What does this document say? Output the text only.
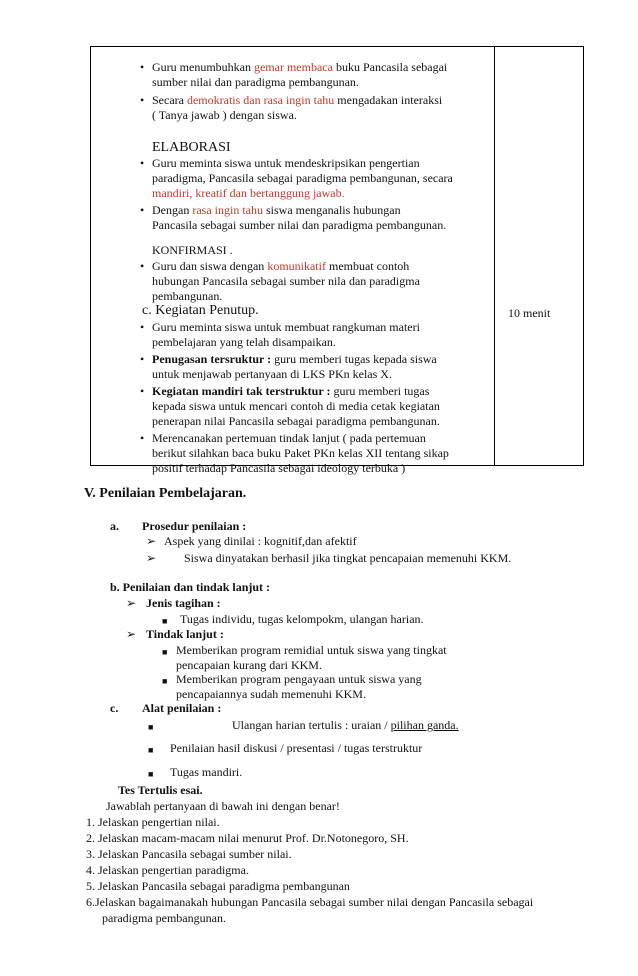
• Guru menumbuhkan gemar membaca buku Pancasila sebagai
sumber nilai dan paradigma pembangunan.
• Secara demokratis dan rasa ingin tahu mengadakan interaksi
( Tanya jawab ) dengan siswa.
ELABORASI
• Guru meminta siswa untuk mendeskripsikan pengertian
paradigma, Pancasila sebagai paradigma pembangunan, secara
mandiri, kreatif dan bertanggung jawab.
• Dengan rasa ingin tahu siswa menganalis hubungan
Pancasila sebagai sumber nilai dan paradigma pembangunan.
KONFIRMASI .
• Guru dan siswa dengan komunikatif membuat contoh
hubungan Pancasila sebagai sumber nila dan paradigma
pembangunan.
c. Kegiatan Penutup.	10 menit
• Guru meminta siswa untuk membuat rangkuman materi
pembelajaran yang telah disampaikan.
• Penugasan tersruktur : guru memberi tugas kepada siswa
untuk menjawab pertanyaan di LKS PKn kelas X.
• Kegiatan mandiri tak terstruktur : guru memberi tugas
kepada siswa untuk mencari contoh di media cetak kegiatan
penerapan nilai Pancasila sebagai paradigma pembangunan.
• Merencanakan pertemuan tindak lanjut ( pada pertemuan
berikut silahkan baca buku Paket PKn kelas XII tentang sikap
positif terhadap Pancasila sebagai ideology terbuka )
V. Penilaian Pembelajaran.
a. Prosedur penilaian :
➢ Aspek yang dinilai : kognitif,dan afektif
➢ Siswa dinyatakan berhasil jika tingkat pencapaian memenuhi KKM.
b. Penilaian dan tindak lanjut :
➢ Jenis tagihan :
■ Tugas individu, tugas kelompokm, ulangan harian.
➢ Tindak lanjut :
■ Memberikan program remidial untuk siswa yang tingkat
pencapaian kurang dari KKM.
■ Memberikan program pengayaan untuk siswa yang
pencapaiannya sudah memenuhi KKM.
c. Alat penilaian :
■	Ulangan harian tertulis : uraian / pilihan ganda.
■ Penilaian hasil diskusi / presentasi / tugas terstruktur
■ Tugas mandiri.
Tes Tertulis esai.
Jawablah pertanyaan di bawah ini dengan benar!
1. Jelaskan pengertian nilai.
2. Jelaskan macam-macam nilai menurut Prof. Dr.Notonegoro, SH.
3. Jelaskan Pancasila sebagai sumber nilai.
4. Jelaskan pengertian paradigma.
5. Jelaskan Pancasila sebagai paradigma pembangunan
6.Jelaskan bagaimanakah hubungan Pancasila sebagai sumber nilai dengan Pancasila sebagai
paradigma pembangunan.
